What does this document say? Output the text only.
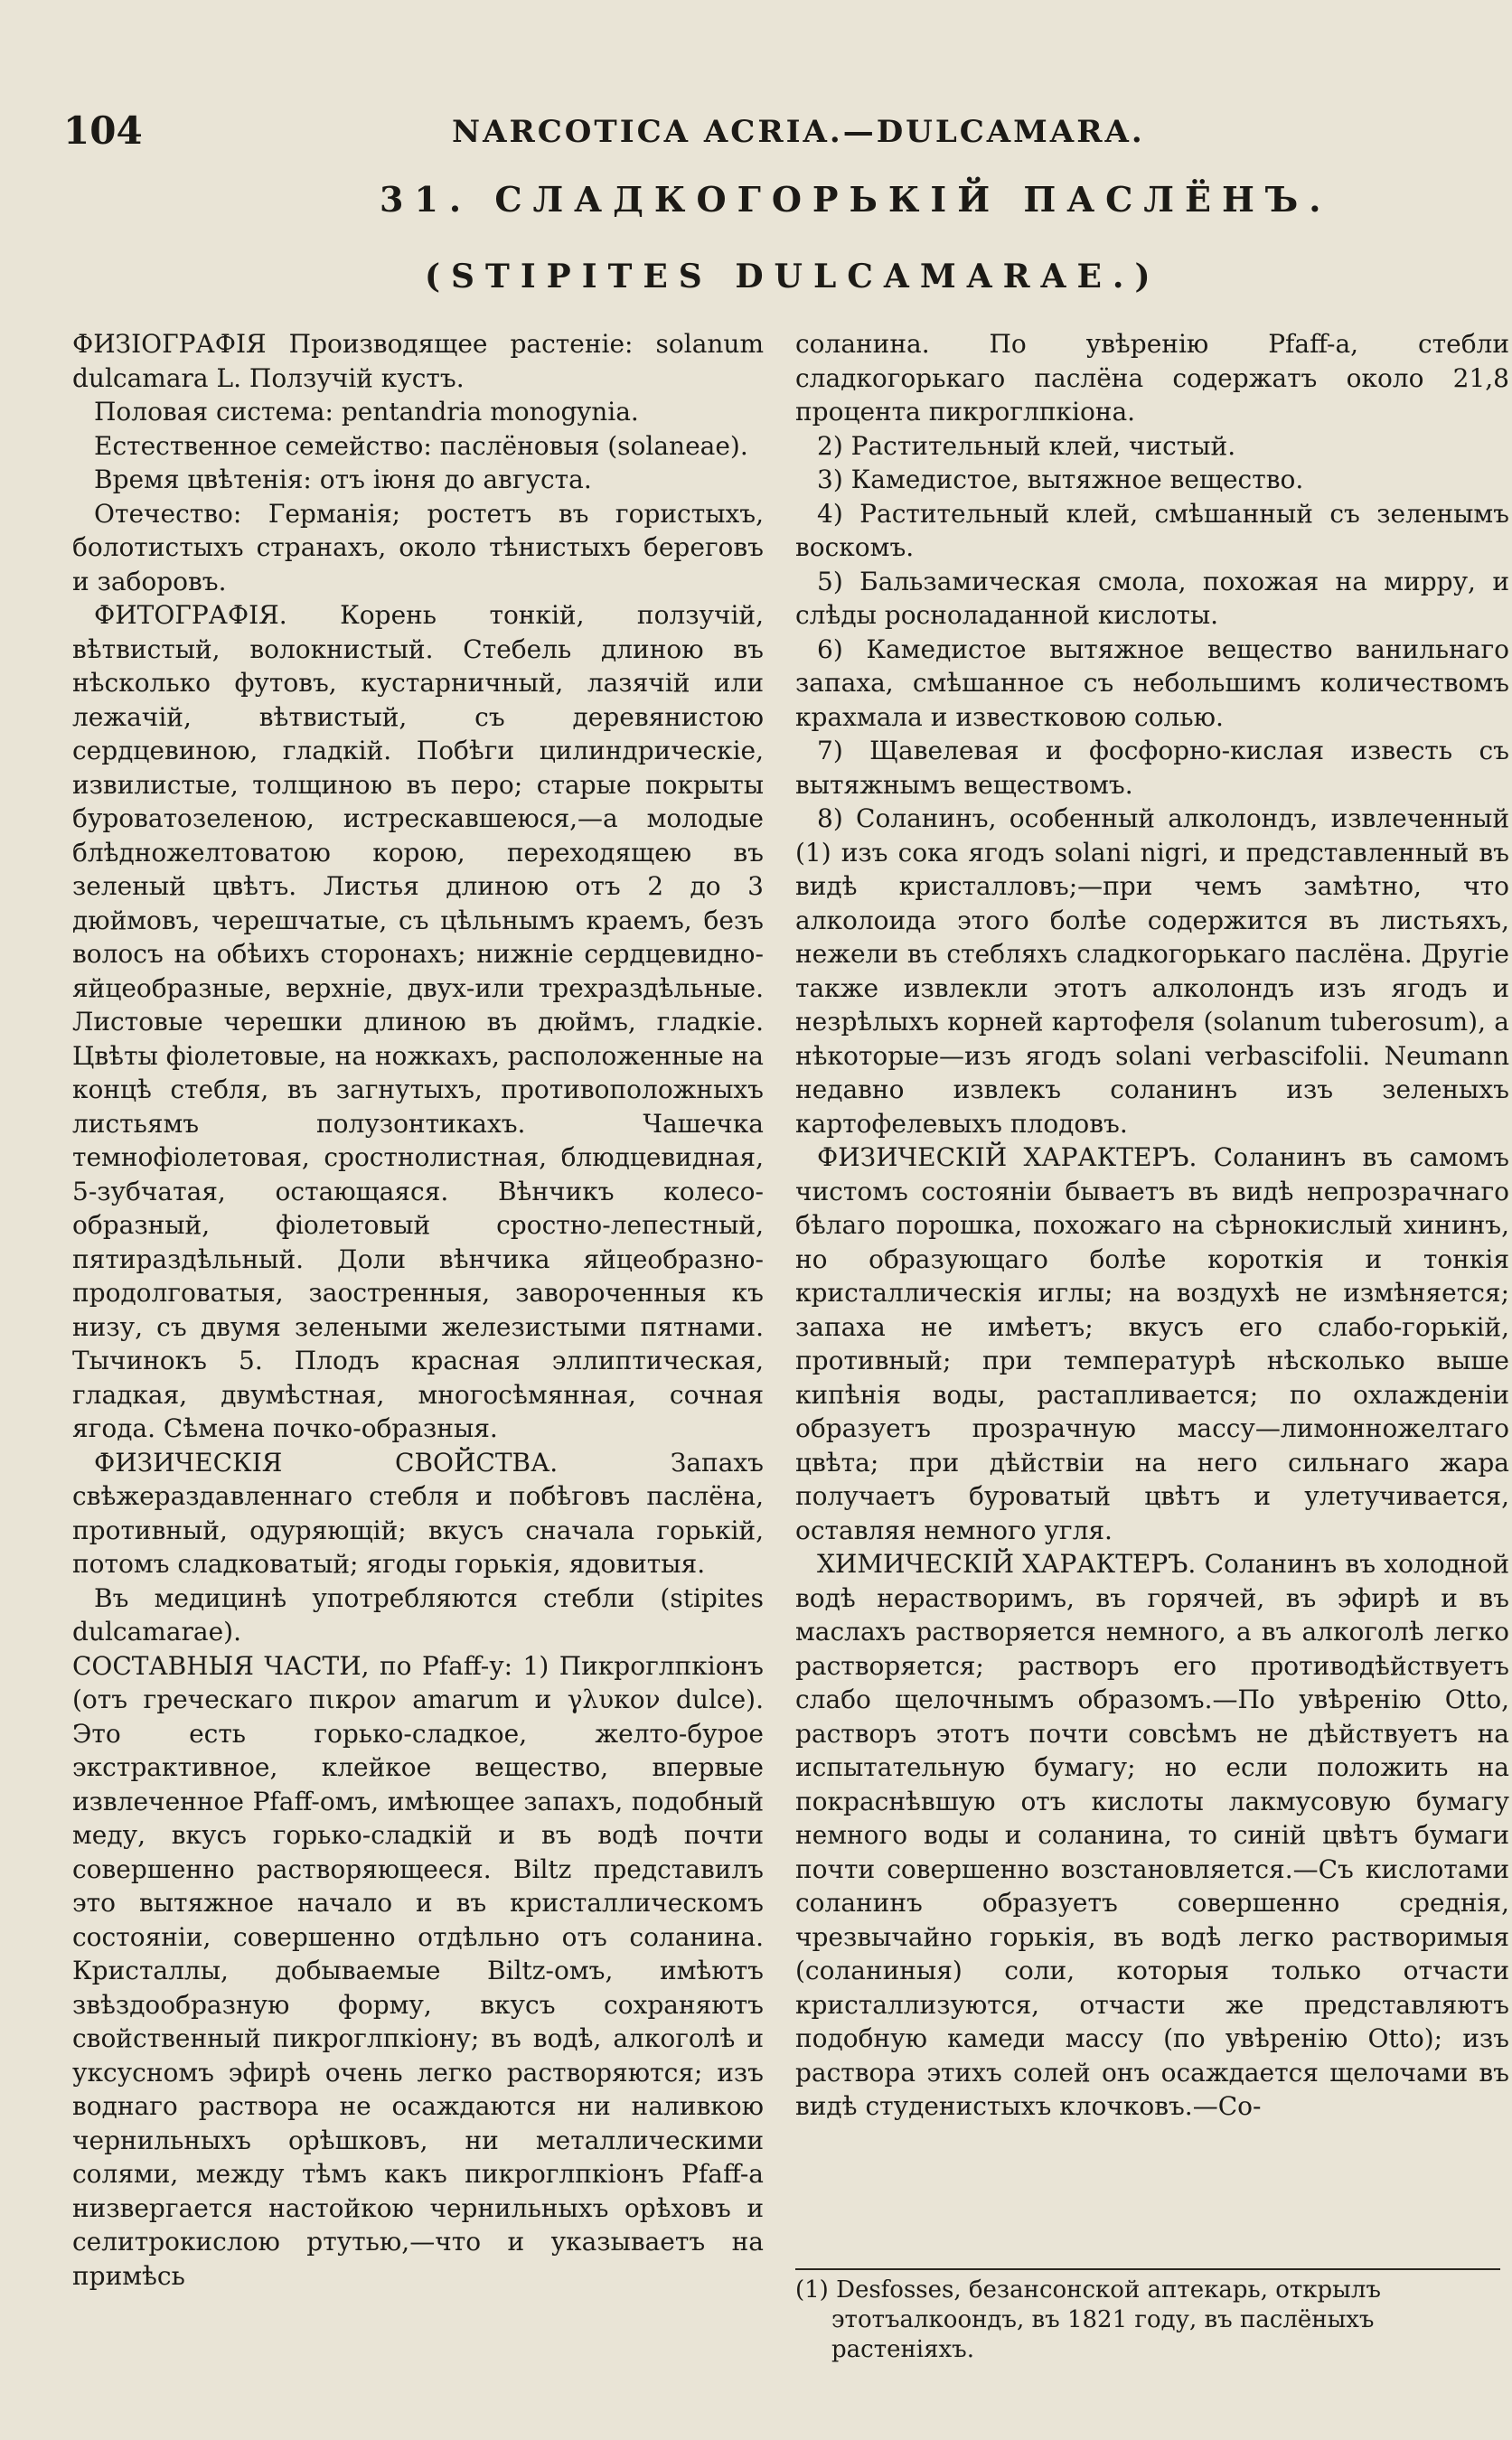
104	NARCOTICA ACRIA.—DULCAMARA.
31. СЛАДКОГОРЬКІЙ ПАСЛЁНЪ.
(STIPITES DULCAMARAE.)

ФИЗІОГРАФІЯ Производящее растеніе: solanum dulcamara L. Ползучій кустъ.

Половая система: pentandria monogynia.

Естественное семейство: паслёновыя (solaneae).

Время цвѣтенія: отъ іюня до августа.

Отечество: Германія; ростетъ въ гористыхъ, болотистыхъ странахъ, около тѣнистыхъ береговъ и заборовъ.

ФИТОГРАФІЯ. Корень тонкій, ползучій, вѣтвистый, волокнистый. Стебель длиною въ нѣсколько футовъ, кустарничный, лазячій или лежачій, вѣтвистый, съ деревянистою сердцевиною, гладкій. Побѣги цилиндрическіе, извилистые, толщиною въ перо; старые покрыты буроватозеленою, истрескавшеюся,—а молодые блѣдножелтоватою корою, переходящею въ зеленый цвѣтъ. Листья длиною отъ 2 до 3 дюймовъ, черешчатые, съ цѣльнымъ краемъ, безъ волосъ на обѣихъ сторонахъ; нижніе сердцевидно-яйцеобразные, верхніе, двух-или трехраздѣльные. Листовые черешки длиною въ дюймъ, гладкіе. Цвѣты фіолетовые, на ножкахъ, расположенные на концѣ стебля, въ загнутыхъ, противоположныхъ листьямъ полузонтикахъ. Чашечка темнофіолетовая, сростнолистная, блюдцевидная, 5-зубчатая, остающаяся. Вѣнчикъ колесо-образный, фіолетовый сростно-лепестный, пятираздѣльный. Доли вѣнчика яйцеобразно-продолговатыя, заостренныя, завороченныя къ низу, съ двумя зелеными железистыми пятнами. Тычинокъ 5. Плодъ красная эллиптическая, гладкая, двумѣстная, многосѣмянная, сочная ягода. Сѣмена почко-образныя.

ФИЗИЧЕСКІЯ СВОЙСТВА. Запахъ свѣжераздавленнаго стебля и побѣговъ паслёна, противный, одуряющій; вкусъ сначала горькій, потомъ сладковатый; ягоды горькія, ядовитыя.

Въ медицинѣ употребляются стебли (stipites dulcamarae).

СОСТАВНЫЯ ЧАСТИ, по Pfaff-у: 1) Пикроглпкіонъ (отъ греческаго πικρον amarum и γλυκον dulce). Это есть горько-сладкое, желто-бурое экстрактивное, клейкое вещество, впервые извлеченное Pfaff-омъ, имѣющее запахъ, подобный меду, вкусъ горько-сладкій и въ водѣ почти совершенно растворяющееся. Biltz представилъ это вытяжное начало и въ кристаллическомъ состояніи, совершенно отдѣльно отъ соланина. Кристаллы, добываемые Biltz-омъ, имѣютъ звѣздообразную форму, вкусъ сохраняютъ свойственный пикроглпкіону; въ водѣ, алкоголѣ и уксусномъ эфирѣ очень легко растворяются; изъ воднаго раствора не осаждаются ни наливкою чернильныхъ орѣшковъ, ни металлическими солями, между тѣмъ какъ пикроглпкіонъ Pfaff-а низвергается настойкою чернильныхъ орѣховъ и селитрокислою ртутью,—что и указываетъ на примѣсь

соланина. По увѣренію Pfaff-а, стебли сладкогорькаго паслёна содержатъ около 21,8 процента пикроглпкіона.

2) Растительный клей, чистый.

3) Камедистое, вытяжное вещество.

4) Растительный клей, смѣшанный съ зеленымъ воскомъ.

5) Бальзамическая смола, похожая на мирру, и слѣды росноладанной кислоты.

6) Камедистое вытяжное вещество ванильнаго запаха, смѣшанное съ небольшимъ количествомъ крахмала и известковою солью.

7) Щавелевая и фосфорно-кислая известь съ вытяжнымъ веществомъ.

8) Соланинъ, особенный алколондъ, извлеченный (1) изъ сока ягодъ solani nigri, и представленный въ видѣ кристалловъ;—при чемъ замѣтно, что алколоида этого болѣе содержится въ листьяхъ, нежели въ стебляхъ сладкогорькаго паслёна. Другіе также извлекли этотъ алколондъ изъ ягодъ и незрѣлыхъ корней картофеля (solanum tuberosum), а нѣкоторые—изъ ягодъ solani verbascifolii. Neumann недавно извлекъ соланинъ изъ зеленыхъ картофелевыхъ плодовъ.

ФИЗИЧЕСКІЙ ХАРАКТЕРЪ. Соланинъ въ самомъ чистомъ состояніи бываетъ въ видѣ непрозрачнаго бѣлаго порошка, похожаго на сѣрнокислый хининъ, но образующаго болѣе короткія и тонкія кристаллическія иглы; на воздухѣ не измѣняется; запаха не имѣетъ; вкусъ его слабо-горькій, противный; при температурѣ нѣсколько выше кипѣнія воды, растапливается; по охлажденіи образуетъ прозрачную массу—лимонножелтаго цвѣта; при дѣйствіи на него сильнаго жара получаетъ буроватый цвѣтъ и улетучивается, оставляя немного угля.

ХИМИЧЕСКІЙ ХАРАКТЕРЪ. Соланинъ въ холодной водѣ нерастворимъ, въ горячей, въ эфирѣ и въ маслахъ растворяется немного, а въ алкоголѣ легко растворяется; растворъ его противодѣйствуетъ слабо щелочнымъ образомъ.—По увѣренію Otto, растворъ этотъ почти совсѣмъ не дѣйствуетъ на испытательную бумагу; но если положить на покраснѣвшую отъ кислоты лакмусовую бумагу немного воды и соланина, то синій цвѣтъ бумаги почти совершенно возстановляется.—Съ кислотами соланинъ образуетъ совершенно среднія, чрезвычайно горькія, въ водѣ легко растворимыя (соланиныя) соли, которыя только отчасти кристаллизуются, отчасти же представляютъ подобную камеди массу (по увѣренію Otto); изъ раствора этихъ солей онъ осаждается щелочами въ видѣ студенистыхъ клочковъ.—Со-

(1) Desfosses, безансонской аптекарь, открылъ этотъалкоондъ, въ 1821 году, въ паслёныхъ растеніяхъ.
